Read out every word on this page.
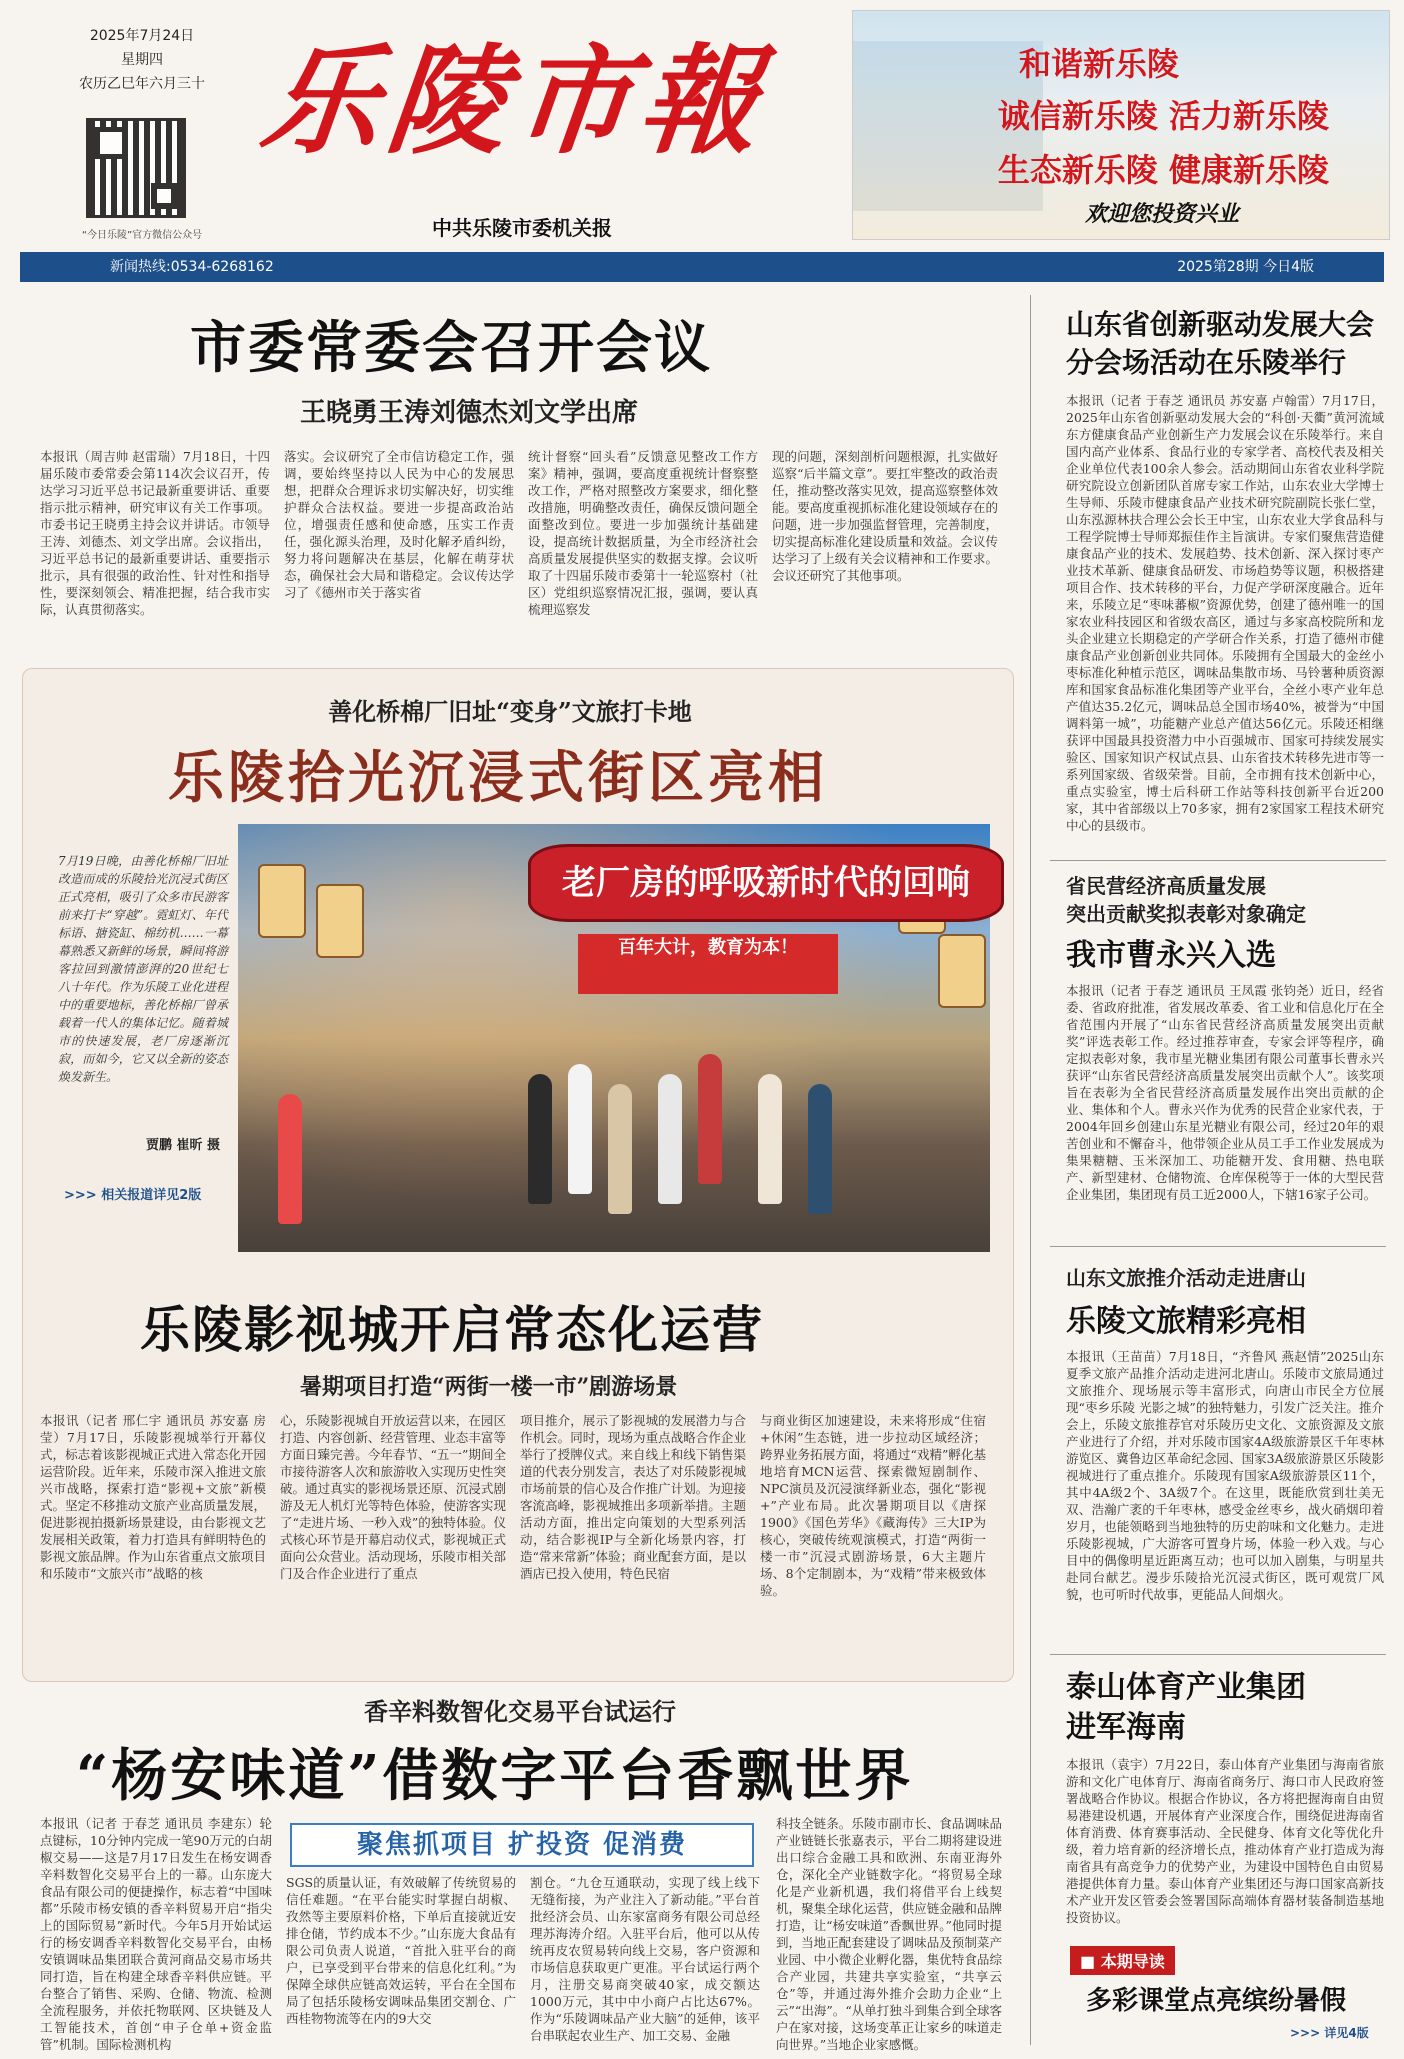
2025年7月24日
星期四
农历乙巳年六月三十
“今日乐陵”官方微信公众号
乐陵市報
中共乐陵市委机关报
和谐新乐陵
诚信新乐陵 活力新乐陵
生态新乐陵 健康新乐陵
欢迎您投资兴业
新闻热线:0534-6268162	2025第28期 今日4版
市委常委会召开会议
王晓勇王涛刘德杰刘文学出席
本报讯（周吉帅 赵雷瑞）7月18日，十四届乐陵市委常委会第114次会议召开，传达学习习近平总书记最新重要讲话、重要指示批示精神，研究审议有关工作事项。市委书记王晓勇主持会议并讲话。市领导王涛、刘德杰、刘文学出席。会议指出，习近平总书记的最新重要讲话、重要指示批示，具有很强的政治性、针对性和指导性，要深刻领会、精准把握，结合我市实际，认真贯彻落实。
落实。会议研究了全市信访稳定工作，强调，要始终坚持以人民为中心的发展思想，把群众合理诉求切实解决好，切实维护群众合法权益。要进一步提高政治站位，增强责任感和使命感，压实工作责任，强化源头治理，及时化解矛盾纠纷，努力将问题解决在基层，化解在萌芽状态，确保社会大局和谐稳定。会议传达学习了《德州市关于落实省
统计督察“回头看”反馈意见整改工作方案》精神，强调，要高度重视统计督察整改工作，严格对照整改方案要求，细化整改措施，明确整改责任，确保反馈问题全面整改到位。要进一步加强统计基础建设，提高统计数据质量，为全市经济社会高质量发展提供坚实的数据支撑。会议听取了十四届乐陵市委第十一轮巡察村（社区）党组织巡察情况汇报，强调，要认真梳理巡察发
现的问题，深刻剖析问题根源，扎实做好巡察“后半篇文章”。要扛牢整改的政治责任，推动整改落实见效，提高巡察整体效能。要高度重视抓标准化建设领域存在的问题，进一步加强监督管理，完善制度，切实提高标准化建设质量和效益。会议传达学习了上级有关会议精神和工作要求。会议还研究了其他事项。
善化桥棉厂旧址“变身”文旅打卡地
乐陵拾光沉浸式街区亮相
老厂房的呼吸新时代的回响
百年大计，教育为本！
7月19日晚，由善化桥棉厂旧址改造而成的乐陵拾光沉浸式街区正式亮相，吸引了众多市民游客前来打卡“穿越”。霓虹灯、年代标语、搪瓷缸、棉纺机……一幕幕熟悉又新鲜的场景，瞬间将游客拉回到激情澎湃的20世纪七八十年代。作为乐陵工业化进程中的重要地标，善化桥棉厂曾承载着一代人的集体记忆。随着城市的快速发展，老厂房逐渐沉寂，而如今，它又以全新的姿态焕发新生。
贾鹏 崔昕 摄
>>> 相关报道详见2版
乐陵影视城开启常态化运营
暑期项目打造“两街一楼一市”剧游场景
本报讯（记者 邢仁宇 通讯员 苏安嘉 房莹）7月17日，乐陵影视城举行开幕仪式，标志着该影视城正式进入常态化开园运营阶段。近年来，乐陵市深入推进文旅兴市战略，探索打造“影视+文旅”新模式。坚定不移推动文旅产业高质量发展，促进影视拍摄新场景建设，由台影视文艺发展相关政策，着力打造具有鲜明特色的影视文旅品牌。作为山东省重点文旅项目和乐陵市“文旅兴市”战略的核
心，乐陵影视城自开放运营以来，在园区打造、内容创新、经营管理、业态丰富等方面日臻完善。今年春节、“五一”期间全市接待游客人次和旅游收入实现历史性突破。通过真实的影视场景还原、沉浸式剧游及无人机灯光等特色体验，使游客实现了“走进片场、一秒入戏”的独特体验。仪式核心环节是开幕启动仪式，影视城正式面向公众营业。活动现场，乐陵市相关部门及合作企业进行了重点
项目推介，展示了影视城的发展潜力与合作机会。同时，现场为重点战略合作企业举行了授牌仪式。来自线上和线下销售渠道的代表分别发言，表达了对乐陵影视城市场前景的信心及合作推广计划。为迎接客流高峰，影视城推出多项新举措。主题活动方面，推出定向策划的大型系列活动，结合影视IP与全新化场景内容，打造“常来常新”体验；商业配套方面，是以酒店已投入使用，特色民宿
与商业街区加速建设，未来将形成“住宿+休闲”生态链，进一步拉动区域经济；跨界业务拓展方面，将通过“戏精”孵化基地培育MCN运营、探索微短剧制作、NPC演员及沉浸演绎新业态，强化“影视+”产业布局。此次暑期项目以《唐探1900》《国色芳华》《藏海传》三大IP为核心，突破传统观演模式，打造“两街一楼一市”沉浸式剧游场景，6大主题片场、8个定制剧本，为“戏精”带来极致体验。
香辛料数智化交易平台试运行
“杨安味道”借数字平台香飘世界
聚焦抓项目 扩投资 促消费
本报讯（记者 于春芝 通讯员 李建东）轮点键标，10分钟内完成一笔90万元的白胡椒交易——这是7月17日发生在杨安调香辛料数智化交易平台上的一幕。山东庞大食品有限公司的便捷操作，标志着“中国味都”乐陵市杨安镇的香辛料贸易开启“指尖上的国际贸易”新时代。今年5月开始试运行的杨安调香辛料数智化交易平台，由杨安镇调味品集团联合黄河商品交易市场共同打造，旨在构建全球香辛料供应链。平台整合了销售、采购、仓储、物流、检测全流程服务，并依托物联网、区块链及人工智能技术，首创“申子仓单+资金监管”机制。国际检测机构
SGS的质量认证，有效破解了传统贸易的信任难题。“在平台能实时掌握白胡椒、孜然等主要原料价格，下单后直接就近安排仓储，节约成本不少。”山东庞大食品有限公司负责人说道，“首批入驻平台的商户，已享受到平台带来的信息化红利。”为保障全球供应链高效运转，平台在全国布局了包括乐陵杨安调味品集团交割仓、广西桂物物流等在内的9大交
割仓。“九仓互通联动，实现了线上线下无缝衔接，为产业注入了新动能。”平台首批经济会员、山东家富商务有限公司总经理苏海涛介绍。入驻平台后，他可以从传统再皮农贸易转向线上交易，客户资源和市场信息获取更广更准。平台试运行两个月，注册交易商突破40家，成交额达1000万元，其中中小商户占比达67%。作为“乐陵调味品产业大脑”的延伸，该平台串联起农业生产、加工交易、金融
科技全链条。乐陵市副市长、食品调味品产业链链长张嘉表示，平台二期将建设进出口综合金融工具和欧洲、东南亚海外仓，深化全产业链数字化。“将贸易全球化是产业新机遇，我们将借平台上线契机，聚集全球化运营，供应链金融和品牌打造，让“杨安味道”香飘世界。”他同时提到，当地正配套建设了调味品及预制菜产业园、中小微企业孵化器，集优特食品综合产业园，共建共享实验室，“共享云仓”等，并通过海外推介会助力企业“上云”“出海”。“从单打独斗到集合到全球客户在家对接，这场变革正让家乡的味道走向世界。”当地企业家感慨。
山东省创新驱动发展大会分会场活动在乐陵举行
本报讯（记者 于春芝 通讯员 苏安嘉 卢翰雷）7月17日，2025年山东省创新驱动发展大会的“科创·天衢”黄河流域东方健康食品产业创新生产力发展会议在乐陵举行。来自国内高产业体系、食品行业的专家学者、高校代表及相关企业单位代表100余人参会。活动期间山东省农业科学院研究院设立创新团队首席专家工作站，山东农业大学博士生导师、乐陵市健康食品产业技术研究院副院长张仁堂，山东泓源林扶合理公会长王中宝，山东农业大学食品科与工程学院博士导师郑振佳作主旨演讲。专家们聚焦营造健康食品产业的技术、发展趋势、技术创新、深入探讨枣产业技术革新、健康食品研发、市场趋势等议题，积极搭建项目合作、技术转移的平台，力促产学研深度融合。近年来，乐陵立足“枣味蕃椒”资源优势，创建了德州唯一的国家农业科技园区和省级农高区，通过与多家高校院所和龙头企业建立长期稳定的产学研合作关系，打造了德州市健康食品产业创新创业共同体。乐陵拥有全国最大的金丝小枣标准化种植示范区，调味品集散市场、马铃薯种质资源库和国家食品标准化集团等产业平台，全丝小枣产业年总产值达35.2亿元，调味品总全国市场40%，被誉为“中国调料第一城”，功能糖产业总产值达56亿元。乐陵还相继获评中国最具投资潜力中小百强城市、国家可持续发展实验区、国家知识产权试点县、山东省技术转移先进市等一系列国家级、省级荣誉。目前，全市拥有技术创新中心，重点实验室，博士后科研工作站等科技创新平台近200家，其中省部级以上70多家，拥有2家国家工程技术研究中心的县级市。
省民营经济高质量发展
突出贡献奖拟表彰对象确定
我市曹永兴入选
本报讯（记者 于春芝 通讯员 王凤霞 张钧尧）近日，经省委、省政府批准，省发展改革委、省工业和信息化厅在全省范围内开展了“山东省民营经济高质量发展突出贡献奖”评选表彰工作。经过推荐审查，专家会评等程序，确定拟表彰对象，我市星光糖业集团有限公司董事长曹永兴获评“山东省民营经济高质量发展突出贡献个人”。该奖项旨在表彰为全省民营经济高质量发展作出突出贡献的企业、集体和个人。曹永兴作为优秀的民营企业家代表，于2004年回乡创建山东星光糖业有限公司，经过20年的艰苦创业和不懈奋斗，他带领企业从员工手工作业发展成为集果糖糖、玉米深加工、功能糖开发、食用糖、热电联产、新型建材、仓储物流、仓库保税等于一体的大型民营企业集团，集团现有员工近2000人，下辖16家子公司。
山东文旅推介活动走进唐山
乐陵文旅精彩亮相
本报讯（王苗苗）7月18日，“齐鲁风 燕赵情”2025山东夏季文旅产品推介活动走进河北唐山。乐陵市文旅局通过文旅推介、现场展示等丰富形式，向唐山市民全方位展现“枣乡乐陵 光影之城”的独特魅力，引发广泛关注。推介会上，乐陵文旅推荐官对乐陵历史文化、文旅资源及文旅产业进行了介绍，并对乐陵市国家4A级旅游景区千年枣林游览区、冀鲁边区革命纪念园、国家3A级旅游景区乐陵影视城进行了重点推介。乐陵现有国家A级旅游景区11个，其中4A级2个、3A级7个。在这里，既能欣赏到壮美无双、浩瀚广袤的千年枣林，感受金丝枣乡，战火硝烟印着岁月，也能领略到当地独特的历史韵味和文化魅力。走进乐陵影视城，广大游客可置身片场，体验一秒入戏。与心目中的偶像明星近距离互动；也可以加入剧集，与明星共赴同台献艺。漫步乐陵拾光沉浸式街区，既可观赏厂风貌，也可听时代故事，更能品人间烟火。
泰山体育产业集团
进军海南
本报讯（袁宇）7月22日，泰山体育产业集团与海南省旅游和文化广电体育厅、海南省商务厅、海口市人民政府签署战略合作协议。根据合作协议，各方将把握海南自由贸易港建设机遇，开展体育产业深度合作，围绕促进海南省体育消费、体育赛事活动、全民健身、体育文化等优化升级，着力培育新的经济增长点，推动体育产业打造成为海南省具有高竞争力的优势产业，为建设中国特色自由贸易港提供体育力量。泰山体育产业集团还与海口国家高新技术产业开发区管委会签署国际高端体育器材装备制造基地投资协议。
■ 本期导读
多彩课堂点亮缤纷暑假
>>> 详见4版
